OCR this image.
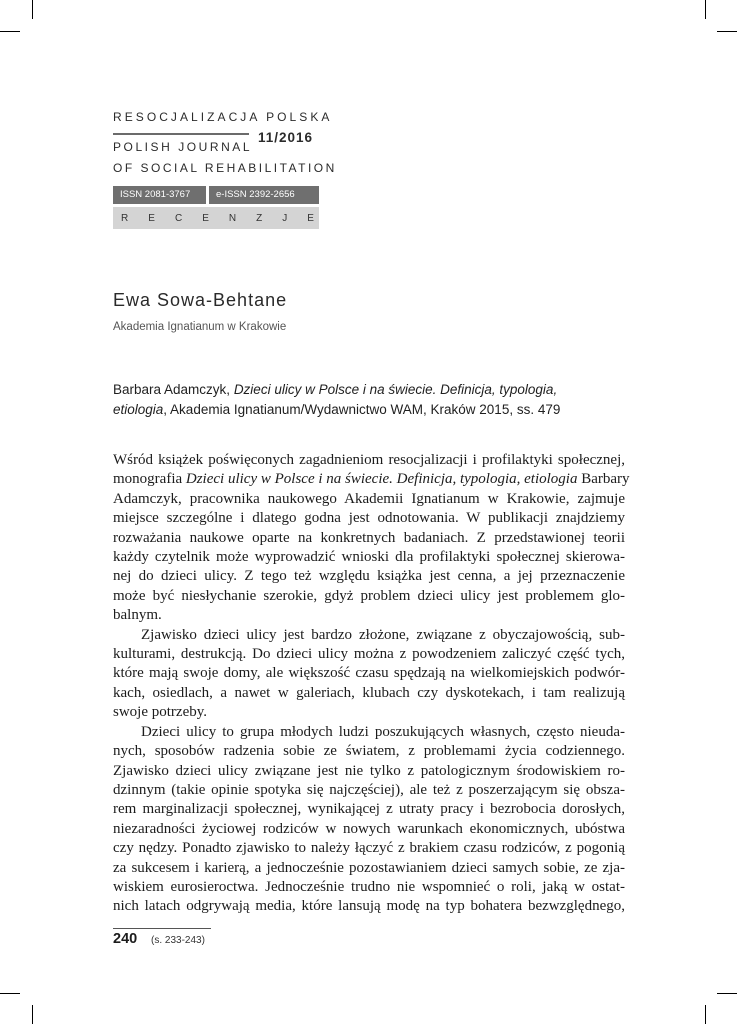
RESOCJALIZACJA POLSKA
11/2016
POLISH JOURNAL
OF SOCIAL REHABILITATION
ISSN 2081-3767	e-ISSN 2392-2656
R E C E N Z J E
Ewa Sowa-Behtane
Akademia Ignatianum w Krakowie
Barbara Adamczyk, Dzieci ulicy w Polsce i na świecie. Definicja, typologia,
etiologia, Akademia Ignatianum/Wydawnictwo WAM, Kraków 2015, ss. 479
Wśród książek poświęconych zagadnieniom resocjalizacji i profilaktyki społecznej,
monografia Dzieci ulicy w Polsce i na świecie. Definicja, typologia, etiologia Barbary
Adamczyk, pracownika naukowego Akademii Ignatianum w Krakowie, zajmuje
miejsce szczególne i dlatego godna jest odnotowania. W publikacji znajdziemy
rozważania naukowe oparte na konkretnych badaniach. Z przedstawionej teorii
każdy czytelnik może wyprowadzić wnioski dla profilaktyki społecznej skierowa-
nej do dzieci ulicy. Z tego też względu książka jest cenna, a jej przeznaczenie
może być niesłychanie szerokie, gdyż problem dzieci ulicy jest problemem glo-
balnym.
Zjawisko dzieci ulicy jest bardzo złożone, związane z obyczajowością, sub-
kulturami, destrukcją. Do dzieci ulicy można z powodzeniem zaliczyć część tych,
które mają swoje domy, ale większość czasu spędzają na wielkomiejskich podwór-
kach, osiedlach, a nawet w galeriach, klubach czy dyskotekach, i tam realizują
swoje potrzeby.
Dzieci ulicy to grupa młodych ludzi poszukujących własnych, często nieuda-
nych, sposobów radzenia sobie ze światem, z problemami życia codziennego.
Zjawisko dzieci ulicy związane jest nie tylko z patologicznym środowiskiem ro-
dzinnym (takie opinie spotyka się najczęściej), ale też z poszerzającym się obsza-
rem marginalizacji społecznej, wynikającej z utraty pracy i bezrobocia dorosłych,
niezaradności życiowej rodziców w nowych warunkach ekonomicznych, ubóstwa
czy nędzy. Ponadto zjawisko to należy łączyć z brakiem czasu rodziców, z pogonią
za sukcesem i karierą, a jednocześnie pozostawianiem dzieci samych sobie, ze zja-
wiskiem eurosieroctwa. Jednocześnie trudno nie wspomnieć o roli, jaką w ostat-
nich latach odgrywają media, które lansują modę na typ bohatera bezwzględnego,
240 (s. 233-243)
